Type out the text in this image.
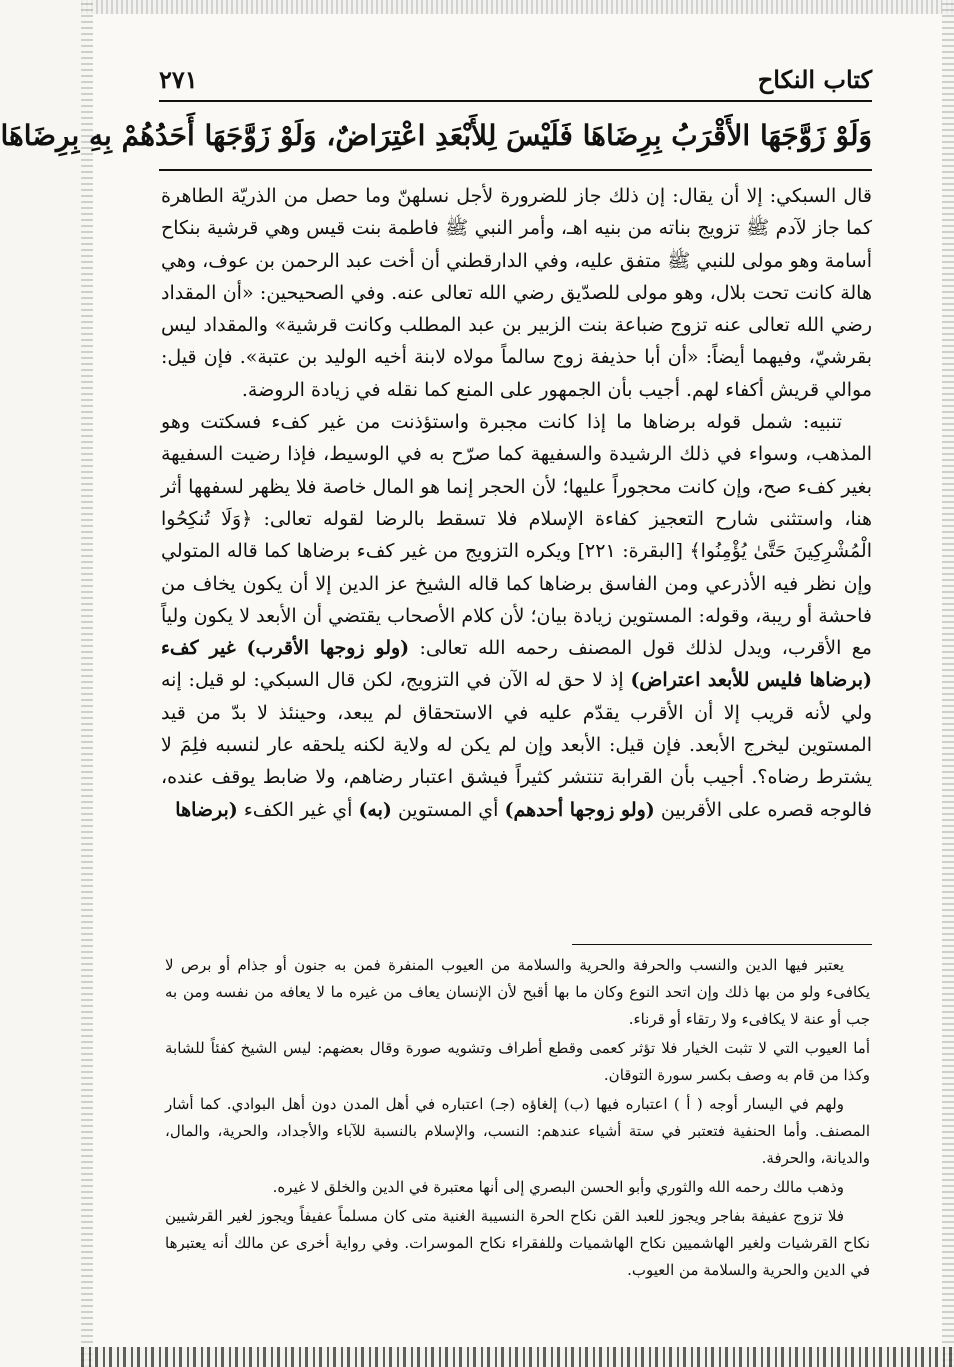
كتاب النكاح
٢٧١
وَلَوْ زَوَّجَهَا الأَقْرَبُ بِرِضَاهَا فَلَيْسَ لِلأَبْعَدِ اعْتِرَاضٌ، وَلَوْ زَوَّجَهَا أَحَدُهُمْ بِهِ بِرِضَاهَا

قال السبكي: إلا أن يقال: إن ذلك جاز للضرورة لأجل نسلهنّ وما حصل من الذريّة الطاهرة كما جاز لآدم ﷺ تزويج بناته من بنيه اهـ، وأمر النبي ﷺ فاطمة بنت قيس وهي قرشية بنكاح أسامة وهو مولى للنبي ﷺ متفق عليه، وفي الدارقطني أن أخت عبد الرحمن بن عوف، وهي هالة كانت تحت بلال، وهو مولى للصدّيق رضي الله تعالى عنه. وفي الصحيحين: «أن المقداد رضي الله تعالى عنه تزوج ضباعة بنت الزبير بن عبد المطلب وكانت قرشية» والمقداد ليس بقرشيّ، وفيهما أيضاً: «أن أبا حذيفة زوج سالماً مولاه لابنة أخيه الوليد بن عتبة». فإن قيل: موالي قريش أكفاء لهم. أجيب بأن الجمهور على المنع كما نقله في زيادة الروضة.

تنبيه: شمل قوله برضاها ما إذا كانت مجبرة واستؤذنت من غير كفء فسكتت وهو المذهب، وسواء في ذلك الرشيدة والسفيهة كما صرّح به في الوسيط، فإذا رضيت السفيهة بغير كفء صح، وإن كانت محجوراً عليها؛ لأن الحجر إنما هو المال خاصة فلا يظهر لسفهها أثر هنا، واستثنى شارح التعجيز كفاءة الإسلام فلا تسقط بالرضا لقوله تعالى: ﴿وَلَا تُنكِحُوا الْمُشْرِكِينَ حَتَّىٰ يُؤْمِنُوا﴾ [البقرة: ٢٢١] ويكره التزويج من غير كفء برضاها كما قاله المتولي وإن نظر فيه الأذرعي ومن الفاسق برضاها كما قاله الشيخ عز الدين إلا أن يكون يخاف من فاحشة أو ريبة، وقوله: المستوين زيادة بيان؛ لأن كلام الأصحاب يقتضي أن الأبعد لا يكون ولياً مع الأقرب، ويدل لذلك قول المصنف رحمه الله تعالى: (ولو زوجها الأقرب) غير كفء (برضاها فليس للأبعد اعتراض) إذ لا حق له الآن في التزويج، لكن قال السبكي: لو قيل: إنه ولي لأنه قريب إلا أن الأقرب يقدّم عليه في الاستحقاق لم يبعد، وحينئذ لا بدّ من قيد المستوين ليخرج الأبعد. فإن قيل: الأبعد وإن لم يكن له ولاية لكنه يلحقه عار لنسبه فلِمَ لا يشترط رضاه؟. أجيب بأن القرابة تنتشر كثيراً فيشق اعتبار رضاهم، ولا ضابط يوقف عنده، فالوجه قصره على الأقربين (ولو زوجها أحدهم) أي المستوين (به) أي غير الكفء (برضاها

يعتبر فيها الدين والنسب والحرفة والحرية والسلامة من العيوب المنفرة فمن به جنون أو جذام أو برص لا يكافىء ولو من بها ذلك وإن اتحد النوع وكان ما بها أقبح لأن الإنسان يعاف من غيره ما لا يعافه من نفسه ومن به جب أو عنة لا يكافىء ولا رتقاء أو قرناء.

أما العيوب التي لا تثبت الخيار فلا تؤثر كعمى وقطع أطراف وتشويه صورة وقال بعضهم: ليس الشيخ كفئاً للشابة وكذا من قام به وصف بكسر سورة التوقان.

ولهم في اليسار أوجه ( أ ) اعتباره فيها (ب) إلغاؤه (جـ) اعتباره في أهل المدن دون أهل البوادي. كما أشار المصنف. وأما الحنفية فتعتبر في ستة أشياء عندهم: النسب، والإسلام بالنسبة للآباء والأجداد، والحرية، والمال، والديانة، والحرفة.

وذهب مالك رحمه الله والثوري وأبو الحسن البصري إلى أنها معتبرة في الدين والخلق لا غيره.

فلا تزوج عفيفة بفاجر ويجوز للعبد القن نكاح الحرة النسيبة الغنية متى كان مسلماً عفيفاً ويجوز لغير القرشيين نكاح القرشيات ولغير الهاشميين نكاح الهاشميات وللفقراء نكاح الموسرات. وفي رواية أخرى عن مالك أنه يعتبرها في الدين والحرية والسلامة من العيوب.
